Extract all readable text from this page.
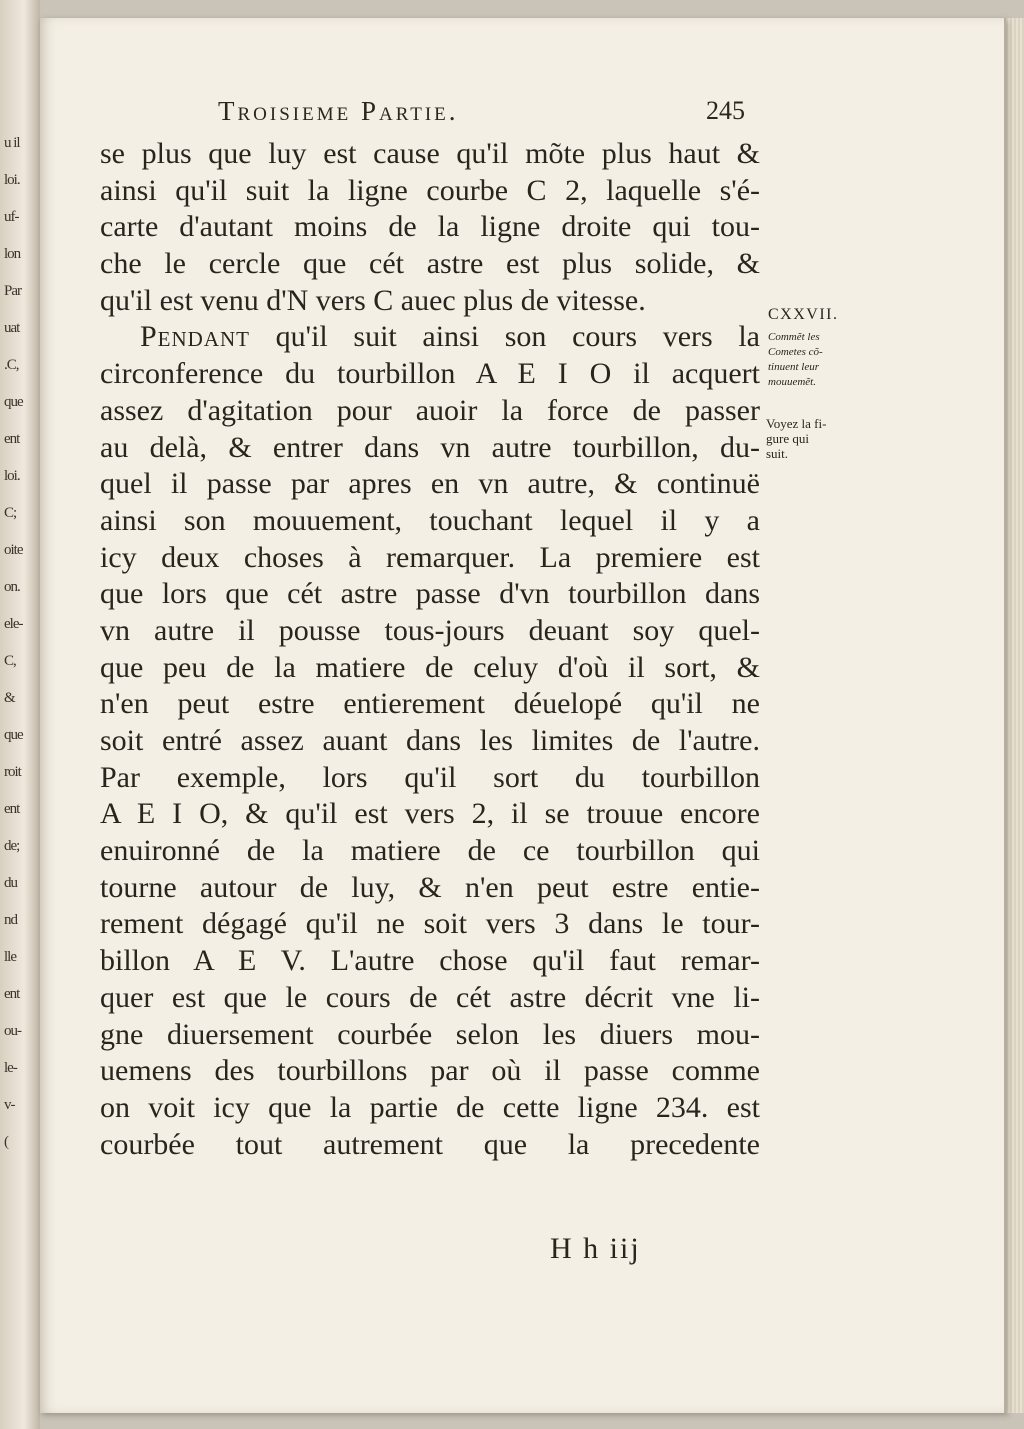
u il
loi.
uf-
lon
Par
uat
.C,
que
ent
loi.
C;
oite
on.
ele-
C,
&
que
roit
ent
de;
du
nd
lle
ent
ou-
le-
v-
(
Troisieme Partie.	245
se plus que luy est cause qu'il mõte plus haut &
ainsi qu'il suit la ligne courbe C 2, laquelle s'é-
carte d'autant moins de la ligne droite qui tou-
che le cercle que cét astre est plus solide, &
qu'il est venu d'N vers C auec plus de vitesse.
Pendant qu'il suit ainsi son cours vers la
circonference du tourbillon A E I O il acquert
assez d'agitation pour auoir la force de passer
au delà, & entrer dans vn autre tourbillon, du-
quel il passe par apres en vn autre, & continuë
ainsi son mouuement, touchant lequel il y a
icy deux choses à remarquer. La premiere est
que lors que cét astre passe d'vn tourbillon dans
vn autre il pousse tous-jours deuant soy quel-
que peu de la matiere de celuy d'où il sort, &
n'en peut estre entierement déuelopé qu'il ne
soit entré assez auant dans les limites de l'autre.
Par exemple, lors qu'il sort du tourbillon
A E I O, & qu'il est vers 2, il se trouue encore
enuironné de la matiere de ce tourbillon qui
tourne autour de luy, & n'en peut estre entie-
rement dégagé qu'il ne soit vers 3 dans le tour-
billon A E V. L'autre chose qu'il faut remar-
quer est que le cours de cét astre décrit vne li-
gne diuersement courbée selon les diuers mou-
uemens des tourbillons par où il passe comme
on voit icy que la partie de cette ligne 234. est
courbée tout autrement que la precedente
H h iij
CXXVII.
Commẽt les
Cometes cõ-
tinuent leur
mouuemẽt.
Voyez la fi-
gure qui
suit.
